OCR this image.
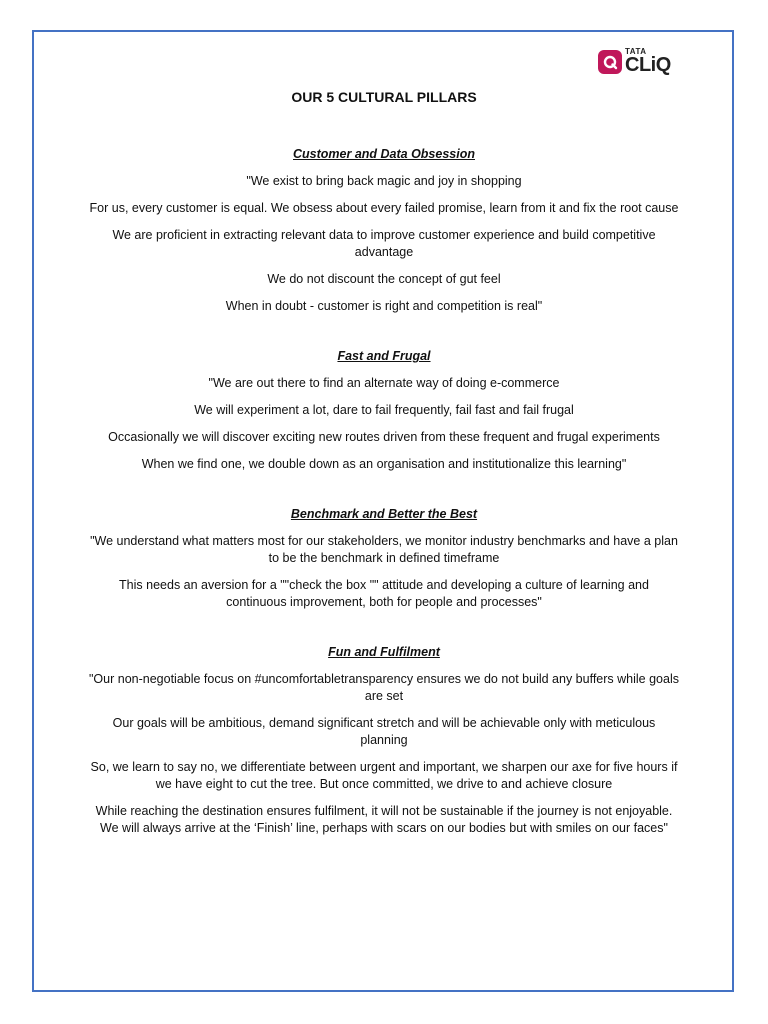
TATA
CLiQ
OUR 5 CULTURAL PILLARS

Customer and Data Obsession

"We exist to bring back magic and joy in shopping

For us, every customer is equal. We obsess about every failed promise, learn from it and fix the root cause

We are proficient in extracting relevant data to improve customer experience and build competitive advantage

We do not discount the concept of gut feel

When in doubt - customer is right and competition is real"

Fast and Frugal

"We are out there to find an alternate way of doing e-commerce

We will experiment a lot, dare to fail frequently, fail fast and fail frugal

Occasionally we will discover exciting new routes driven from these frequent and frugal experiments

When we find one, we double down as an organisation and institutionalize this learning"

Benchmark and Better the Best

"We understand what matters most for our stakeholders, we monitor industry benchmarks and have a plan to be the benchmark in defined timeframe

This needs an aversion for a ""check the box "" attitude and developing a culture of learning and continuous improvement, both for people and processes"

Fun and Fulfilment

"Our non-negotiable focus on #uncomfortabletransparency ensures we do not build any buffers while goals are set

Our goals will be ambitious, demand significant stretch and will be achievable only with meticulous planning

So, we learn to say no, we differentiate between urgent and important, we sharpen our axe for five hours if we have eight to cut the tree. But once committed, we drive to and achieve closure

While reaching the destination ensures fulfilment, it will not be sustainable if the journey is not enjoyable. We will always arrive at the ‘Finish’ line, perhaps with scars on our bodies but with smiles on our faces"
